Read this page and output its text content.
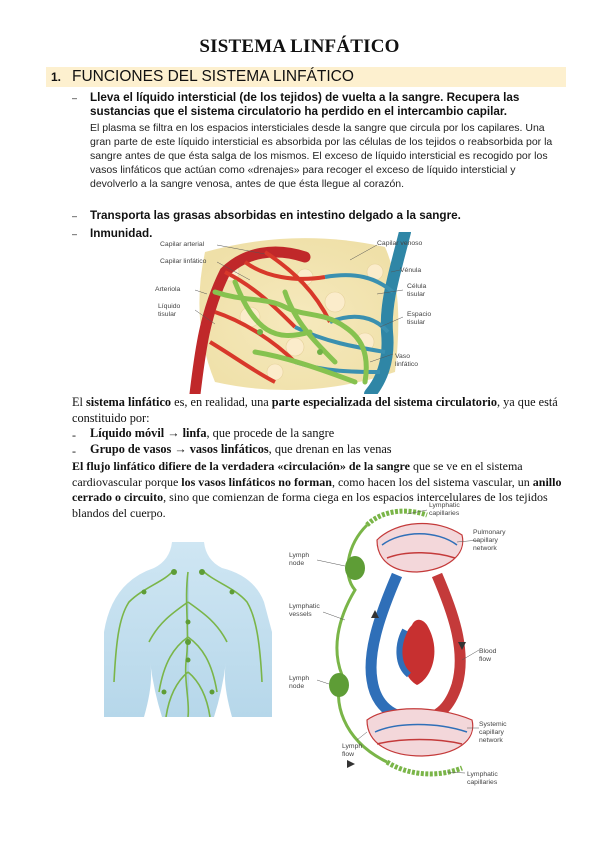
SISTEMA LINFÁTICO
1. FUNCIONES DEL SISTEMA LINFÁTICO
– Lleva el líquido intersticial (de los tejidos) de vuelta a la sangre. Recupera las sustancias que el sistema circulatorio ha perdido en el intercambio capilar.
El plasma se filtra en los espacios intersticiales desde la sangre que circula por los capilares. Una gran parte de este líquido intersticial es absorbida por las células de los tejidos o reabsorbida por la sangre antes de que ésta salga de los mismos. El exceso de líquido intersticial es recogido por los vasos linfáticos que actúan como «drenajes» para recoger el exceso de líquido intersticial y devolverlo a la sangre venosa, antes de que ésta llegue al corazón.
– Transporta las grasas absorbidas en intestino delgado a la sangre.
– Inmunidad.
Capilar arterial
Capilar linfático
Arteriola
Líquido
tisular
Capilar venoso
Vénula
Célula
tisular
Espacio
tisular
Vaso
linfático
El sistema linfático es, en realidad, una parte especializada del sistema circulatorio, ya que está constituido por:
- Líquido móvil → linfa, que procede de la sangre
- Grupo de vasos → vasos linfáticos, que drenan en las venas
El flujo linfático difiere de la verdadera «circulación» de la sangre que se ve en el sistema cardiovascular porque los vasos linfáticos no forman, como hacen los del sistema vascular, un anillo cerrado o circuito, sino que comienzan de forma ciega en los espacios intercelulares de los tejidos blandos del cuerpo.	Lymphatic
capillaries
Pulmonary
capillary
network
Lymph
node
Lymphatic
vessels
Blood
flow
Lymph
node
Systemic
capillary
network
Lymph
flow
Lymphatic
capillaries
